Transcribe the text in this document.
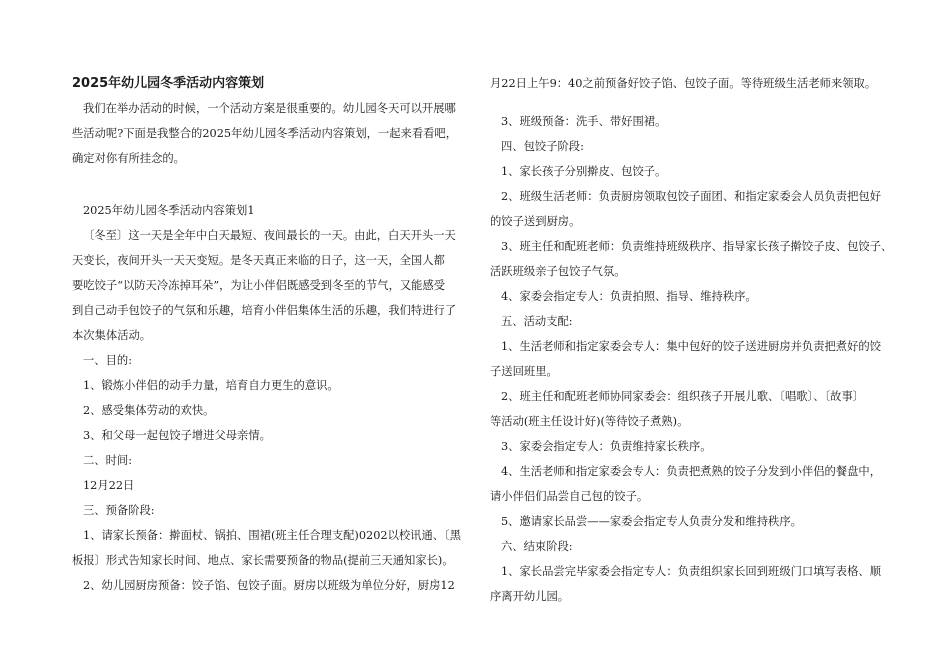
2025年幼儿园冬季活动内容策划
我们在举办活动的时候，一个活动方案是很重要的。幼儿园冬天可以开展哪
些活动呢?下面是我整合的2025年幼儿园冬季活动内容策划，一起来看看吧，
确定对你有所挂念的。
2025年幼儿园冬季活动内容策划1
〔冬至〕这一天是全年中白天最短、夜间最长的一天。由此，白天开头一天
天变长，夜间开头一天天变短。是冬天真正来临的日子，这一天，全国人都
要吃饺子“以防天冷冻掉耳朵”，为让小伴侣既感受到冬至的节气，又能感受
到自己动手包饺子的气氛和乐趣，培育小伴侣集体生活的乐趣，我们特进行了
本次集体活动。
一、目的:
1、锻炼小伴侣的动手力量，培育自力更生的意识。
2、感受集体劳动的欢快。
3、和父母一起包饺子增进父母亲情。
二、时间:
12月22日
三、预备阶段:
1、请家长预备：擀面杖、锅拍、围裙(班主任合理支配)0202以校讯通、〔黑
板报〕形式告知家长时间、地点、家长需要预备的物品(提前三天通知家长)。
2、幼儿园厨房预备：饺子馅、包饺子面。厨房以班级为单位分好，厨房12
月22日上午9：40之前预备好饺子馅、包饺子面。等待班级生活老师来领取。
3、班级预备：洗手、带好围裙。
四、包饺子阶段:
1、家长孩子分别擀皮、包饺子。
2、班级生活老师：负责厨房领取包饺子面团、和指定家委会人员负责把包好
的饺子送到厨房。
3、班主任和配班老师：负责维持班级秩序、指导家长孩子擀饺子皮、包饺子、
活跃班级亲子包饺子气氛。
4、家委会指定专人：负责拍照、指导、维持秩序。
五、活动支配:
1、生活老师和指定家委会专人：集中包好的饺子送进厨房并负责把煮好的饺
子送回班里。
2、班主任和配班老师协同家委会：组织孩子开展儿歌、〔唱歌〕、〔故事〕
等活动(班主任设计好)(等待饺子煮熟)。
3、家委会指定专人：负责维持家长秩序。
4、生活老师和指定家委会专人：负责把煮熟的饺子分发到小伴侣的餐盘中，
请小伴侣们品尝自己包的饺子。
5、邀请家长品尝——家委会指定专人负责分发和维持秩序。
六、结束阶段:
1、家长品尝完毕家委会指定专人：负责组织家长回到班级门口填写表格、顺
序离开幼儿园。
